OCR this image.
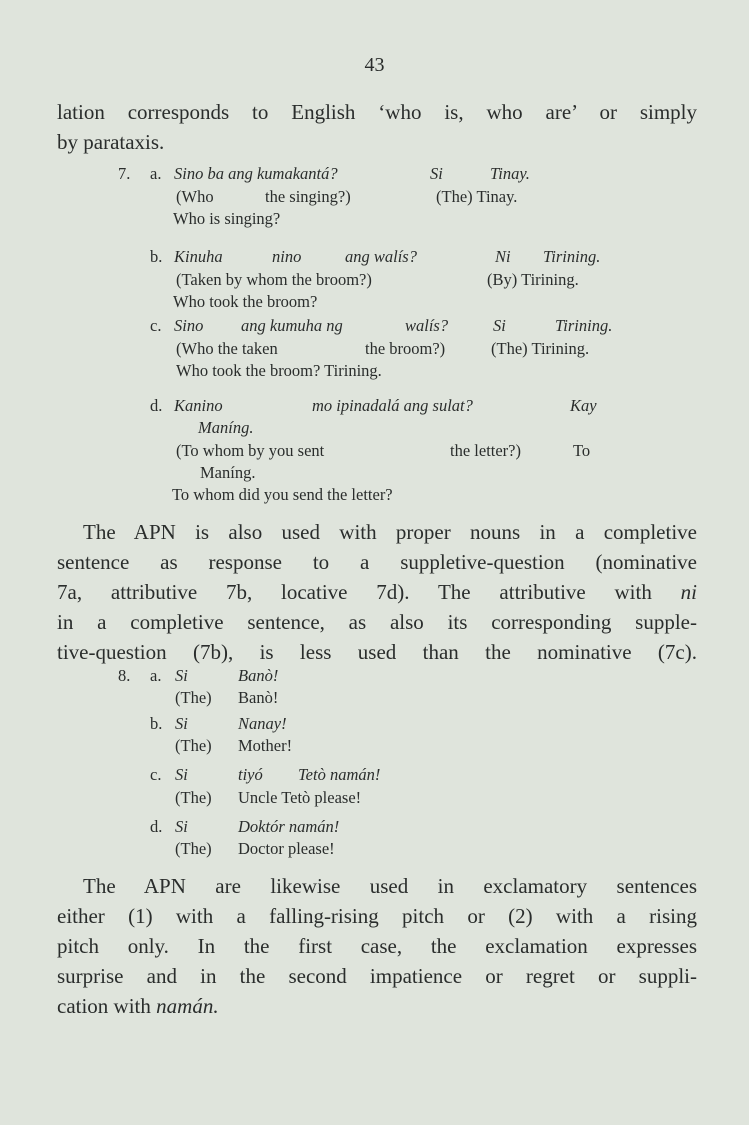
43
lation corresponds to English ‘who is, who are’ or simply
by parataxis.
7. a. Sino ba ang kumakantá?	Si	Tinay.
(Who	the singing?)	(The) Tinay.
Who is singing?
b. Kinuha	nino	ang walís?	Ni Tirining.
(Taken by whom the broom?)	(By) Tirining.
Who took the broom?
c. Sino ang kumuha ng	walís?	Si	Tirining.
(Who the taken	the broom?)	(The) Tirining.
Who took the broom? Tirining.
d. Kanino	mo ipinadalá ang sulat?	Kay
Maníng.
(To whom by you sent	the letter?)	To
Maníng.
To whom did you send the letter?
The APN is also used with proper nouns in a completive
sentence as response to a suppletive-question (nominative
7a, attributive 7b, locative 7d). The attributive with ni
in a completive sentence, as also its corresponding supple-
tive-question (7b), is less used than the nominative (7c).
8. a. Si	Banò!
(The) Banò!
b. Si	Nanay!
(The) Mother!
c. Si	tiyó Tetò namán!
(The) Uncle Tetò please!
d. Si	Doktór namán!
(The) Doctor please!
The APN are likewise used in exclamatory sentences
either (1) with a falling-rising pitch or (2) with a rising
pitch only. In the first case, the exclamation expresses
surprise and in the second impatience or regret or suppli-
cation with namán.
